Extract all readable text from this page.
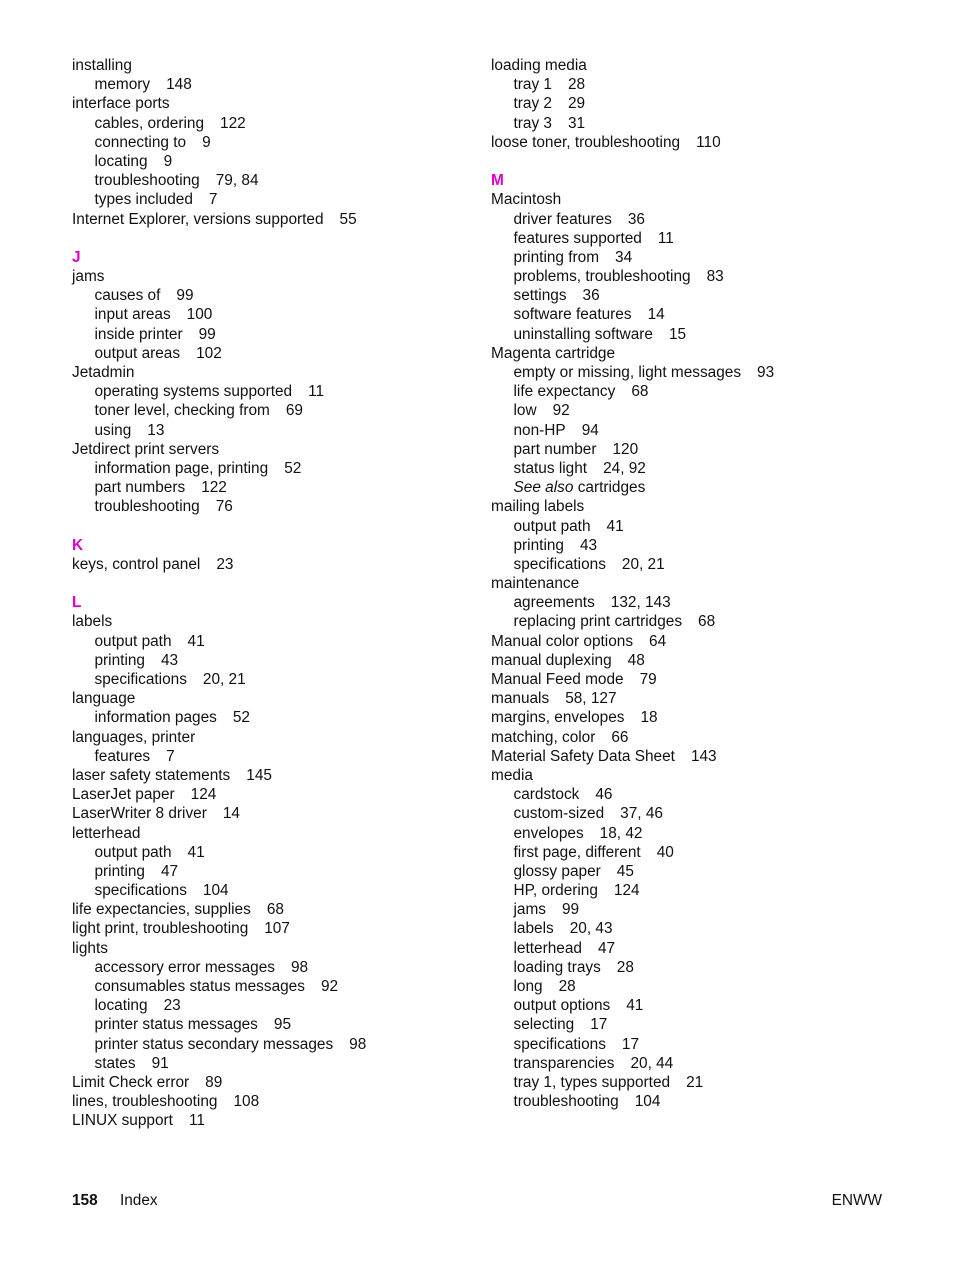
installing
memory 148
interface ports
cables, ordering 122
connecting to 9
locating 9
troubleshooting 79, 84
types included 7
Internet Explorer, versions supported 55
J
jams
causes of 99
input areas 100
inside printer 99
output areas 102
Jetadmin
operating systems supported 11
toner level, checking from 69
using 13
Jetdirect print servers
information page, printing 52
part numbers 122
troubleshooting 76
K
keys, control panel 23
L
labels
output path 41
printing 43
specifications 20, 21
language
information pages 52
languages, printer
features 7
laser safety statements 145
LaserJet paper 124
LaserWriter 8 driver 14
letterhead
output path 41
printing 47
specifications 104
life expectancies, supplies 68
light print, troubleshooting 107
lights
accessory error messages 98
consumables status messages 92
locating 23
printer status messages 95
printer status secondary messages 98
states 91
Limit Check error 89
lines, troubleshooting 108
LINUX support 11
loading media
tray 1 28
tray 2 29
tray 3 31
loose toner, troubleshooting 110
M
Macintosh
driver features 36
features supported 11
printing from 34
problems, troubleshooting 83
settings 36
software features 14
uninstalling software 15
Magenta cartridge
empty or missing, light messages 93
life expectancy 68
low 92
non-HP 94
part number 120
status light 24, 92
See also cartridges
mailing labels
output path 41
printing 43
specifications 20, 21
maintenance
agreements 132, 143
replacing print cartridges 68
Manual color options 64
manual duplexing 48
Manual Feed mode 79
manuals 58, 127
margins, envelopes 18
matching, color 66
Material Safety Data Sheet 143
media
cardstock 46
custom-sized 37, 46
envelopes 18, 42
first page, different 40
glossy paper 45
HP, ordering 124
jams 99
labels 20, 43
letterhead 47
loading trays 28
long 28
output options 41
selecting 17
specifications 17
transparencies 20, 44
tray 1, types supported 21
troubleshooting 104
158 Index	ENWW
